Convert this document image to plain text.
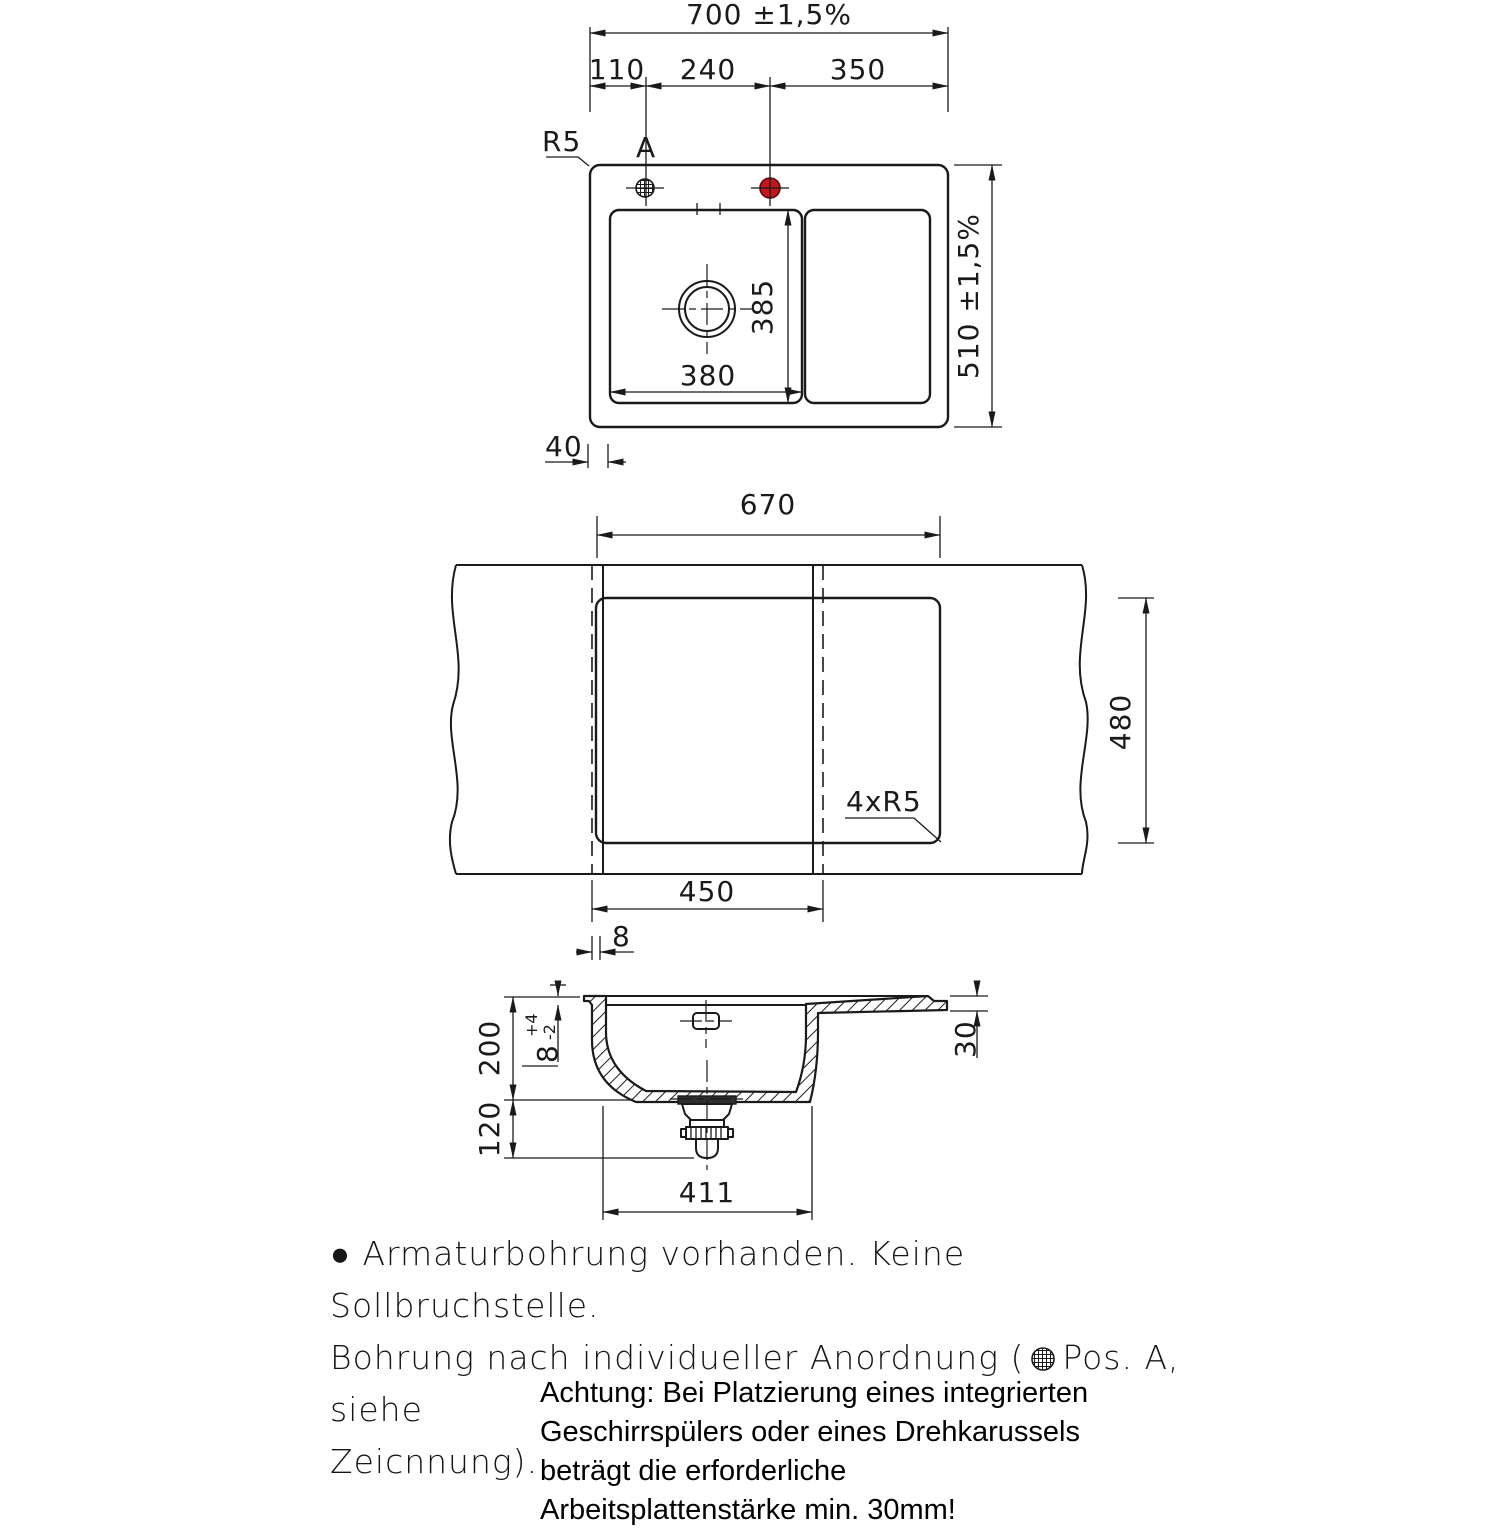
R5 A
700 ±1,5%
110 240	350
385
380	510 ±1,5%
40
670
450
8
4xR5
480
200
120
8
+4 -2	30
411
● Armaturbohrung vorhanden. Keine Sollbruchstelle.
Bohrung nach individueller Anordnung ( Pos. A, siehe
Zeicnnung).
Achtung: Bei Platzierung eines integrierten
Geschirrspülers oder eines Drehkarussels
beträgt die erforderliche
Arbeitsplattenstärke min. 30mm!
